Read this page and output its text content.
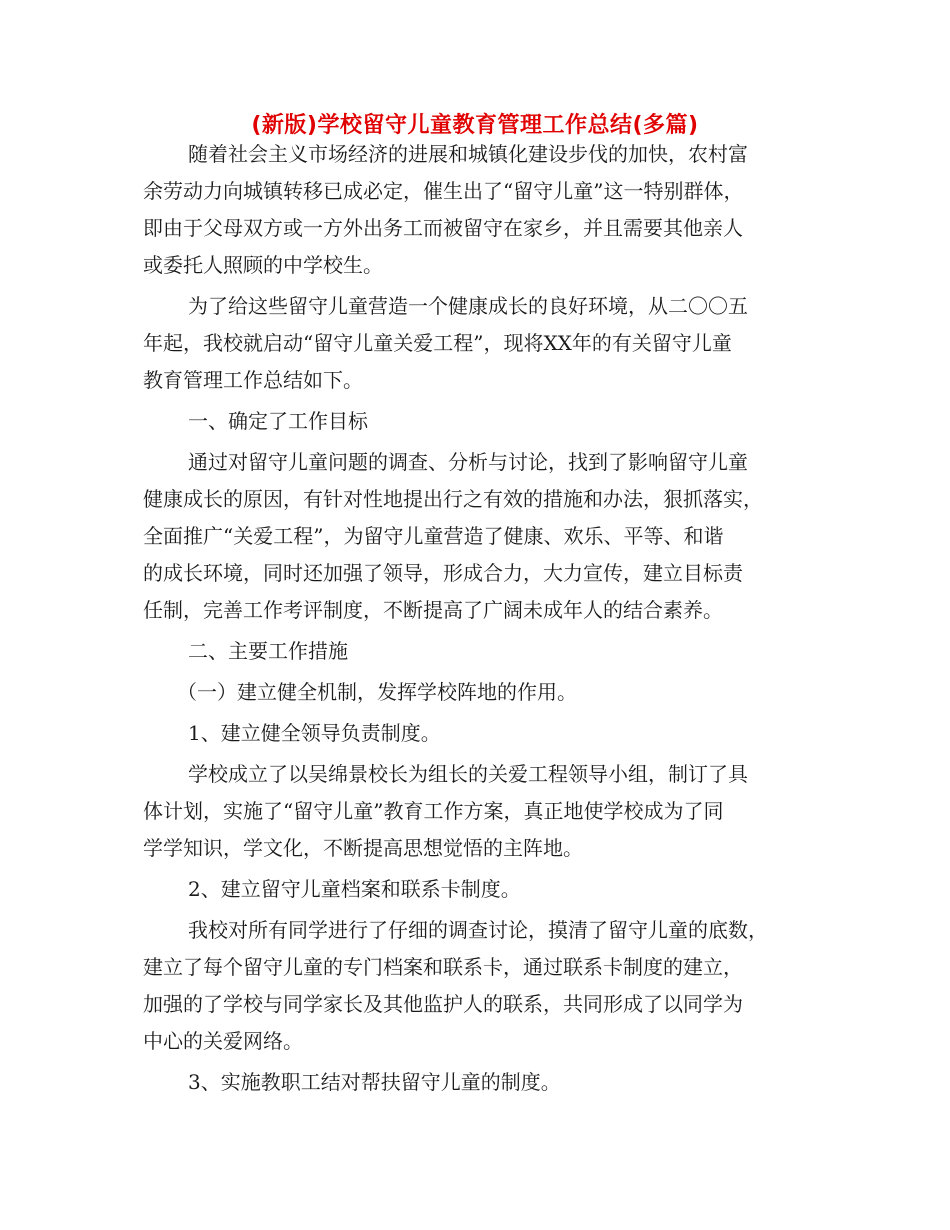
(新版)学校留守儿童教育管理工作总结(多篇)
随着社会主义市场经济的进展和城镇化建设步伐的加快，农村富
余劳动力向城镇转移已成必定，催生出了“留守儿童”这一特别群体，
即由于父母双方或一方外出务工而被留守在家乡，并且需要其他亲人
或委托人照顾的中学校生。
为了给这些留守儿童营造一个健康成长的良好环境，从二〇〇五
年起，我校就启动“留守儿童关爱工程”，现将XX年的有关留守儿童
教育管理工作总结如下。
一、确定了工作目标
通过对留守儿童问题的调查、分析与讨论，找到了影响留守儿童
健康成长的原因，有针对性地提出行之有效的措施和办法，狠抓落实，
全面推广“关爱工程”，为留守儿童营造了健康、欢乐、平等、和谐
的成长环境，同时还加强了领导，形成合力，大力宣传，建立目标责
任制，完善工作考评制度，不断提高了广阔未成年人的结合素养。
二、主要工作措施
（一）建立健全机制，发挥学校阵地的作用。
1、建立健全领导负责制度。
学校成立了以吴绵景校长为组长的关爱工程领导小组，制订了具
体计划，实施了“留守儿童”教育工作方案，真正地使学校成为了同
学学知识，学文化，不断提高思想觉悟的主阵地。
2、建立留守儿童档案和联系卡制度。
我校对所有同学进行了仔细的调查讨论，摸清了留守儿童的底数，
建立了每个留守儿童的专门档案和联系卡，通过联系卡制度的建立，
加强的了学校与同学家长及其他监护人的联系，共同形成了以同学为
中心的关爱网络。
3、实施教职工结对帮扶留守儿童的制度。
